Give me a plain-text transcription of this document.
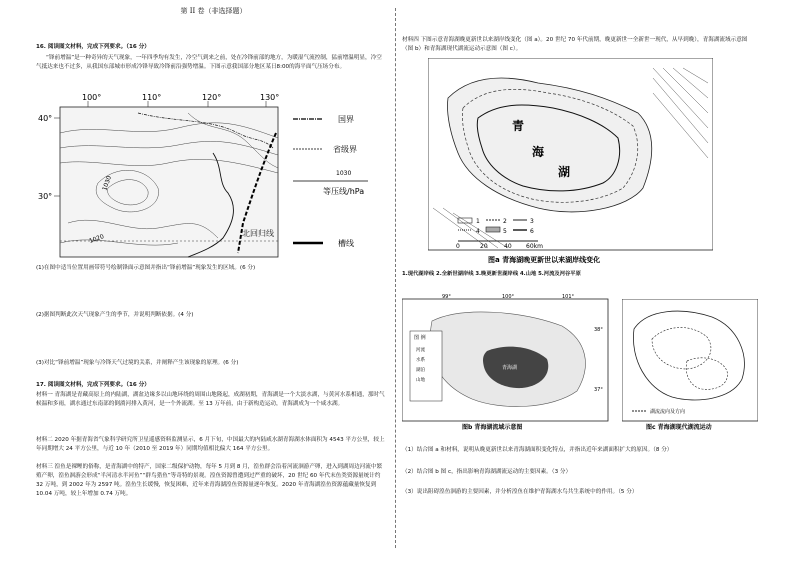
第 II 卷（非选择题）
16. 阅读图文材料，完成下列要求。（16 分）
“锋前增温”是一种奇异的天气现象，一年四季均有发生，冷空气到来之前，处在冷锋前部的地方，为暖湿气流控制，猛前增温明显，冷空气抵达来也不过多，从我国东部城市形成冷锋导致冷锋前沿强势增温。下图示意我国部分地区某日8:00的海平面气压场分布。
100°	110°	120°	130°
40°
30°
北回归线
1030
1020
国界
省级界
1030
等压线/hPa
槽线
(1)在图中适当位置用画带符号绘制锋面示意图并指出“锋前增温”现象发生的区域。(6 分)
(2)据图判断此次天气现象产生的季节，并说明判断依据。(4 分)
(3)对比“锋前增温”现象与冷锋天气过境的关系，并阐释产生该现象的原理。(6 分)
17. 阅读图文材料，完成下列要求。（16 分）
材料一 青海湖是青藏高原上的内陆湖，湖盆边缘多以山地环绕的周围山地隆起，成湖初期，青海湖是一个大淡水湖，与黄河水系相通，那时气候温和多雨，湖水通过东南部的倒淌河排入黄河，是一个外流湖。至 13 万年前，由于新构造运动，青海湖成为一个咸水湖。
材料二 2020 年据青海省气象科学研究所卫星遥感资料监测显示，6 月下旬，中国最大的内陆咸水湖青海湖水体面积为 4543 平方公里，较上年同期增大 24 平方公里，与近 10 年（2010 至 2019 年）同期均值相比偏大 164 平方公里。
材料三 湟鱼是裸鲤的俗称，是青海湖中的特产，国家二级保护动物，每年 5 月到 8 月，湟鱼群会沿着河流洄游产卵，进入到湖周边河流中繁殖产卵，湟鱼洄游会形成“半河清水半河鱼”“群鸟猎鱼”等奇特的景观。湟鱼资源曾遭到过严重的破坏，20 世纪 60 年代末鱼类资源量统计约 32 万吨，到 2002 年为 2597 吨。湟鱼生长缓慢，恢复困难，近年来青海湖湟鱼资源量逐年恢复。2020 年青海湖湟鱼资源蕴藏量恢复到 10.04 万吨，较上年增加 0.74 万吨。
材料四 下图示意青海湖晚更新世以来湖岸线变化（图 a）。20 世纪 70 年代前期，晚更新世一全新世一现代，从早到晚），青海湖流域示意图（图 b）和青海湖现代湖流运动示意图（图 c）。
青
海
湖
1	2	3
4	5	6
0	20	40 60km
图a 青海湖晚更新世以来湖岸线变化
1.现代湖岸线 2.全新世湖岸线 3.晚更新世湖岸线 4.山地 5.河流及河谷平原
图 例
河流
水系
湖泊
山地
青海湖
99°	100°	101°
38°
37°
图b 青海湖流域示意图
湖流流向及方向
图c 青海湖现代湖流运动
（1）结合图 a 和材料，说明从晚更新世以来青海湖面积变化特点，并指出近年来湖面积扩大的原因。（8 分）
（2）结合图 b 图 c，指出影响青海湖湖流运动的主要因素。（3 分）
（3）说出阻碍湟鱼洄游的主要因素，并分析湟鱼在维护青海湖水鸟共生系统中的作用。（5 分）
